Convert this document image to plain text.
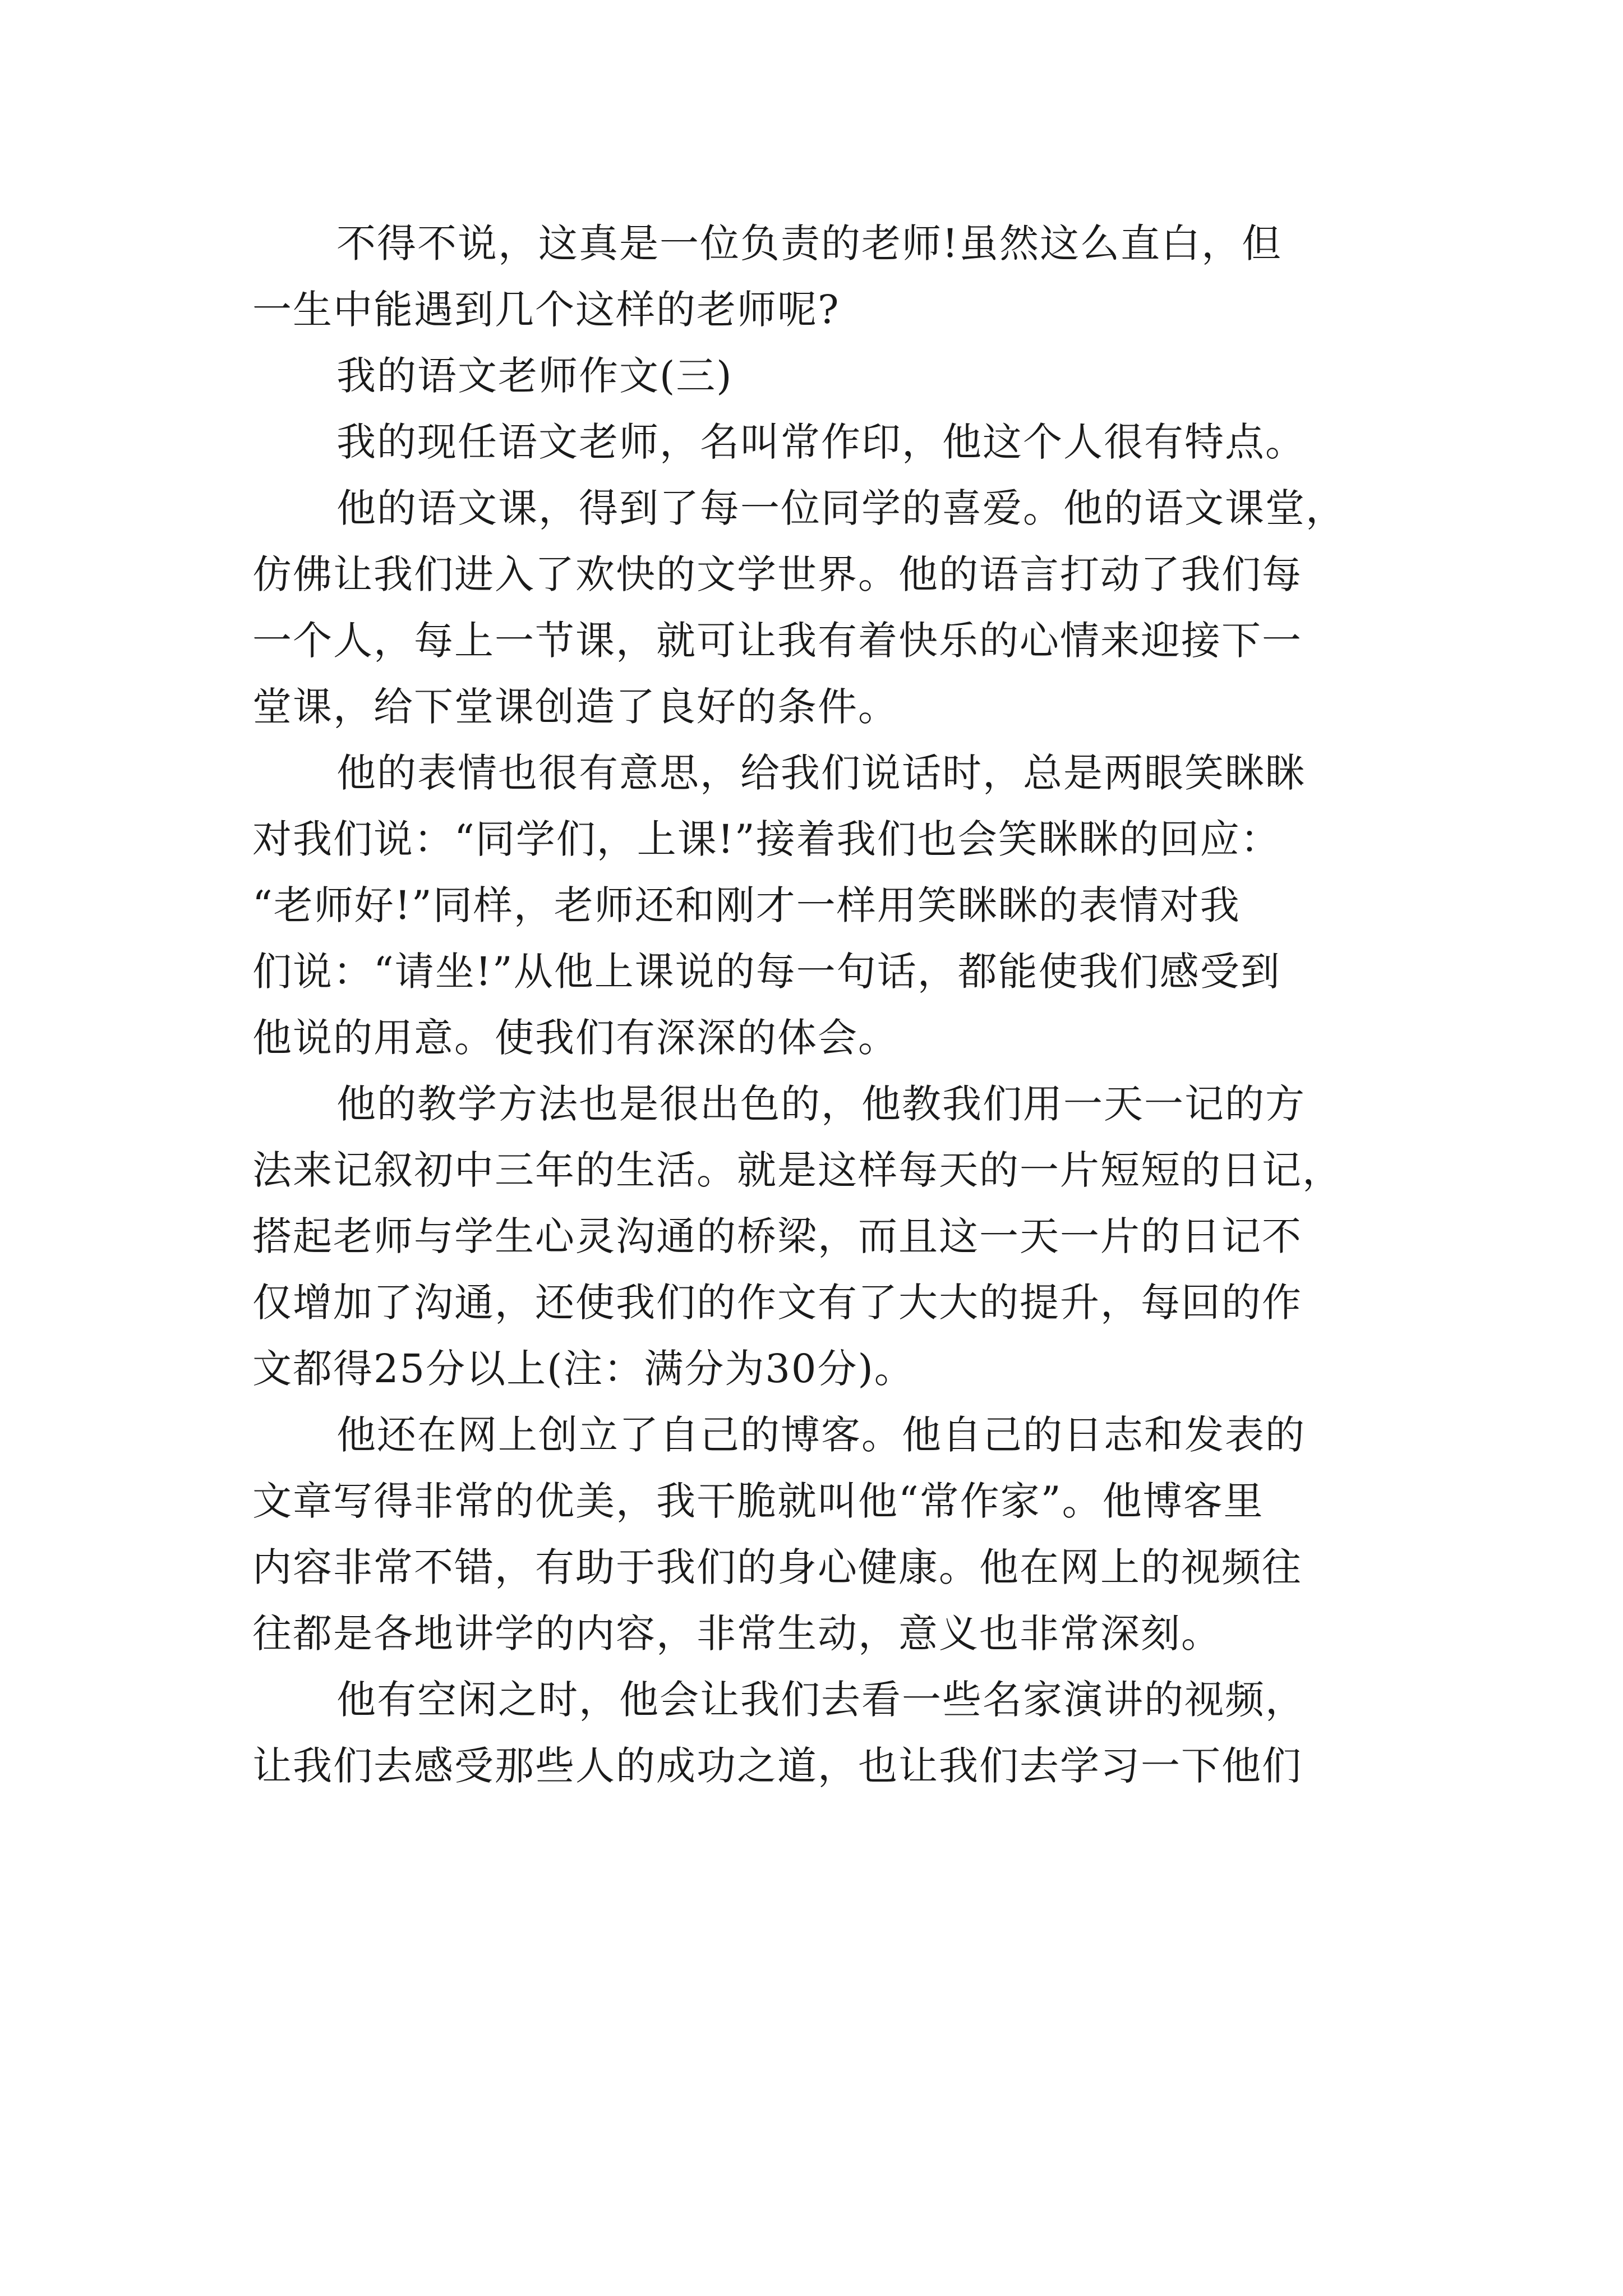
不得不说，这真是一位负责的老师!虽然这么直白，但
一生中能遇到几个这样的老师呢?
我的语文老师作文(三)
我的现任语文老师，名叫常作印，他这个人很有特点。
他的语文课，得到了每一位同学的喜爱。他的语文课堂，
仿佛让我们进入了欢快的文学世界。他的语言打动了我们每
一个人，每上一节课，就可让我有着快乐的心情来迎接下一
堂课，给下堂课创造了良好的条件。
他的表情也很有意思，给我们说话时，总是两眼笑眯眯
对我们说：“同学们，上课!”接着我们也会笑眯眯的回应：
“老师好!”同样，老师还和刚才一样用笑眯眯的表情对我
们说：“请坐!”从他上课说的每一句话，都能使我们感受到
他说的用意。使我们有深深的体会。
他的教学方法也是很出色的，他教我们用一天一记的方
法来记叙初中三年的生活。就是这样每天的一片短短的日记，
搭起老师与学生心灵沟通的桥梁，而且这一天一片的日记不
仅增加了沟通，还使我们的作文有了大大的提升，每回的作
文都得25分以上(注：满分为30分)。
他还在网上创立了自己的博客。他自己的日志和发表的
文章写得非常的优美，我干脆就叫他“常作家”。他博客里
内容非常不错，有助于我们的身心健康。他在网上的视频往
往都是各地讲学的内容，非常生动，意义也非常深刻。
他有空闲之时，他会让我们去看一些名家演讲的视频，
让我们去感受那些人的成功之道，也让我们去学习一下他们
